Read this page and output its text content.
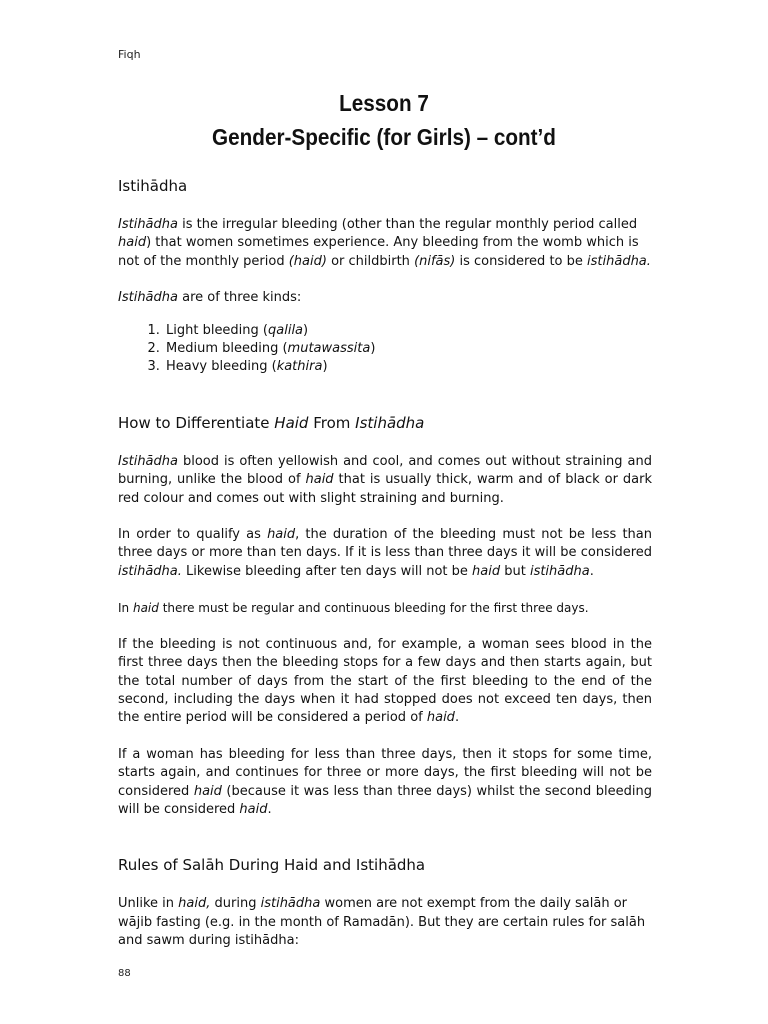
Fiqh
Lesson 7
Gender-Specific (for Girls) – cont’d
Istihādha

Istihādha is the irregular bleeding (other than the regular monthly period called haid) that women sometimes experience. Any bleeding from the womb which is not of the monthly period (haid) or childbirth (nifās) is considered to be istihādha.

Istihādha are of three kinds:

1. Light bleeding (qalila)
2. Medium bleeding (mutawassita)
3. Heavy bleeding (kathira)
How to Differentiate Haid From Istihādha

Istihādha blood is often yellowish and cool, and comes out without straining and burning, unlike the blood of haid that is usually thick, warm and of black or dark red colour and comes out with slight straining and burning.

In order to qualify as haid, the duration of the bleeding must not be less than three days or more than ten days. If it is less than three days it will be considered istihādha. Likewise bleeding after ten days will not be haid but istihādha.

In haid there must be regular and continuous bleeding for the first three days.

If the bleeding is not continuous and, for example, a woman sees blood in the first three days then the bleeding stops for a few days and then starts again, but the total number of days from the start of the first bleeding to the end of the second, including the days when it had stopped does not exceed ten days, then the entire period will be considered a period of haid.

If a woman has bleeding for less than three days, then it stops for some time, starts again, and continues for three or more days, the first bleeding will not be considered haid (because it was less than three days) whilst the second bleeding will be considered haid.

Rules of Salāh During Haid and Istihādha

Unlike in haid, during istihādha women are not exempt from the daily salāh or wājib fasting (e.g. in the month of Ramadān). But they are certain rules for salāh and sawm during istihādha:

88
